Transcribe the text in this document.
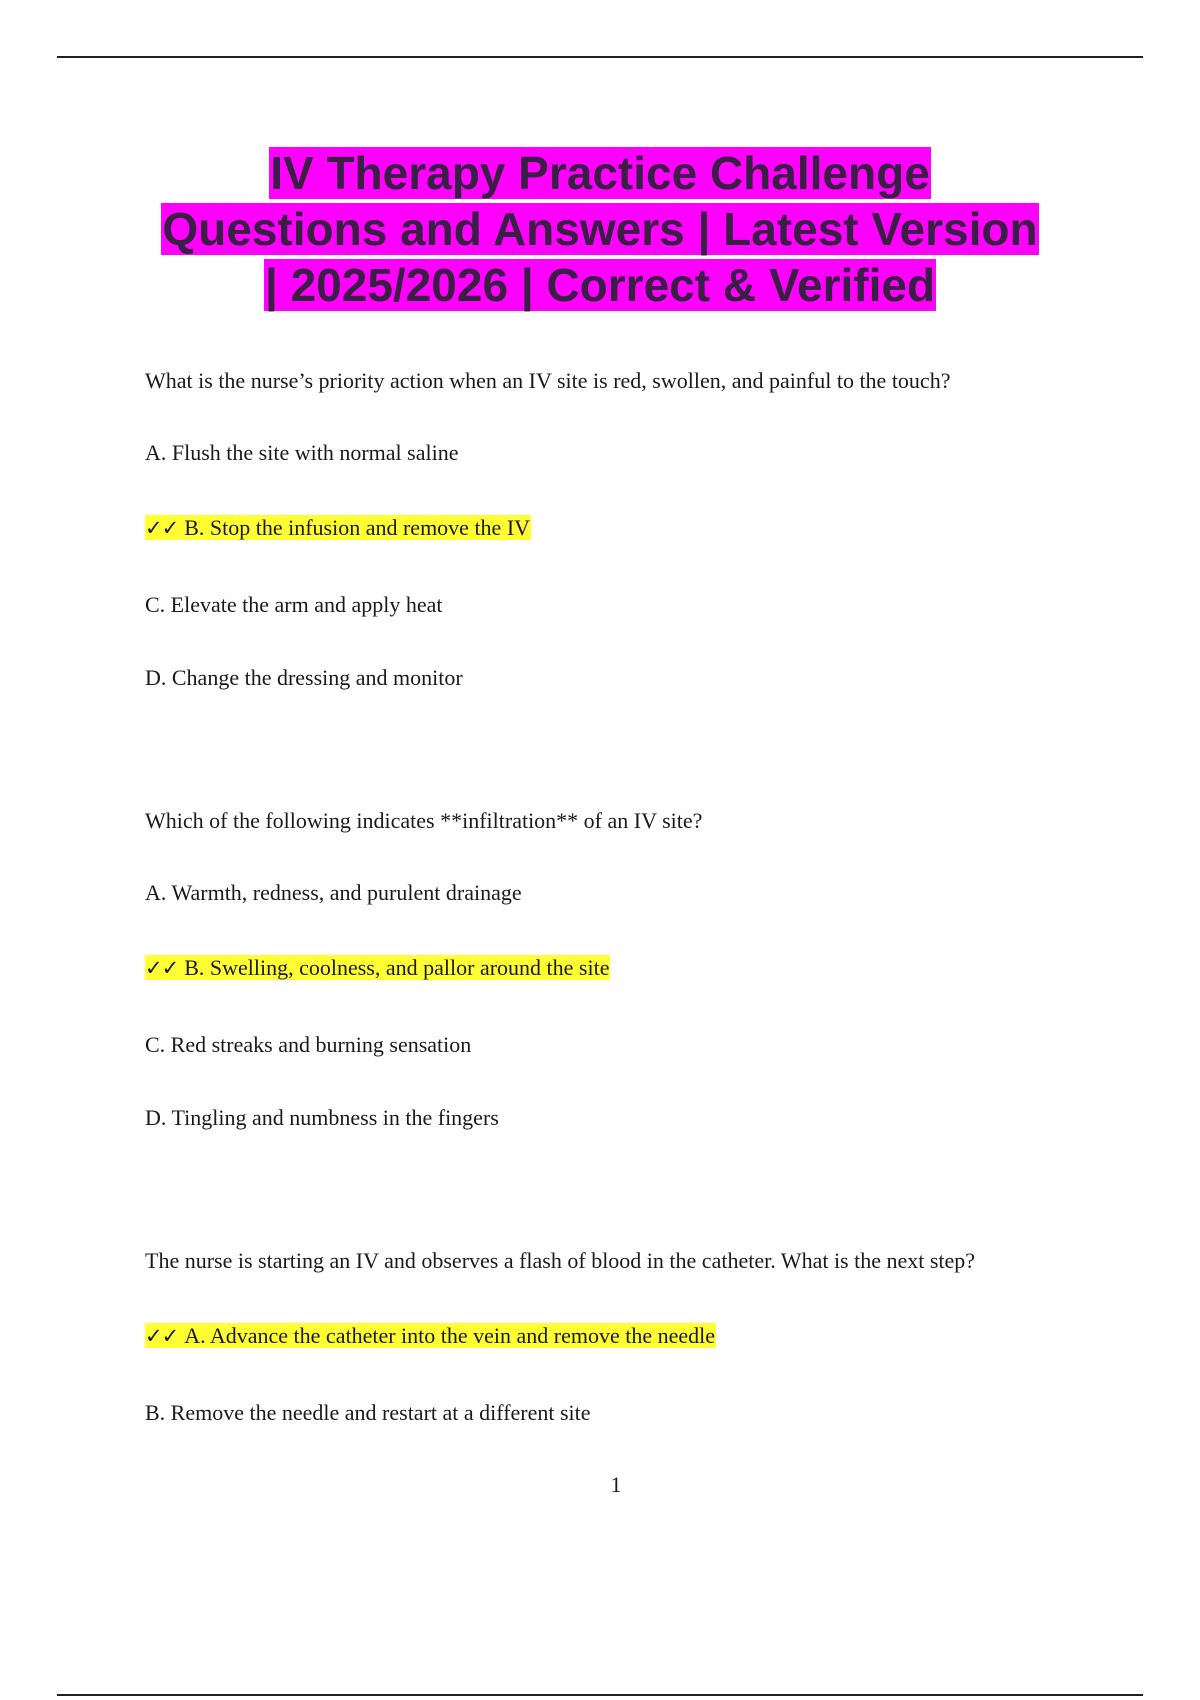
IV Therapy Practice Challenge
Questions and Answers | Latest Version
| 2025/2026 | Correct & Verified
What is the nurse’s priority action when an IV site is red, swollen, and painful to the touch?
A. Flush the site with normal saline
✓✓ B. Stop the infusion and remove the IV
C. Elevate the arm and apply heat
D. Change the dressing and monitor
Which of the following indicates **infiltration** of an IV site?
A. Warmth, redness, and purulent drainage
✓✓ B. Swelling, coolness, and pallor around the site
C. Red streaks and burning sensation
D. Tingling and numbness in the fingers
The nurse is starting an IV and observes a flash of blood in the catheter. What is the next step?
✓✓ A. Advance the catheter into the vein and remove the needle
B. Remove the needle and restart at a different site
1
